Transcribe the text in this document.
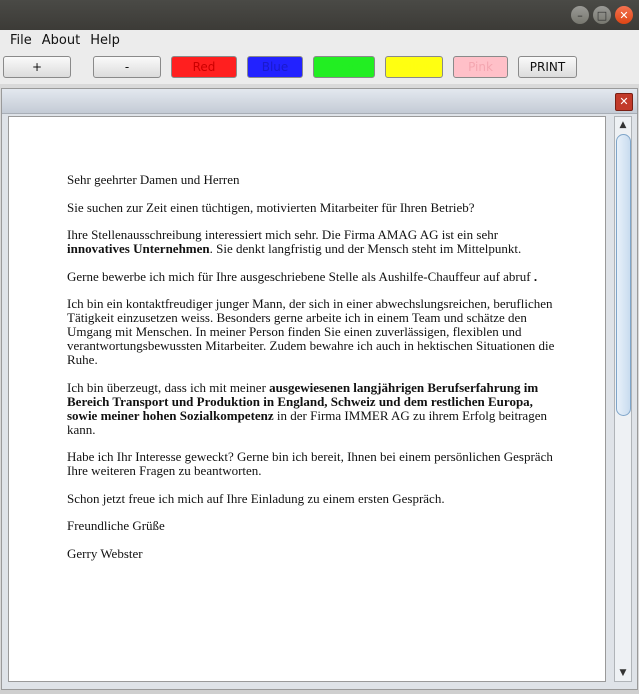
–	□	✕
File About Help
+	-	Red	Blue	Green	Yellow	Pink	PRINT
✕

Sehr geehrter Damen und Herren

Sie suchen zur Zeit einen tüchtigen, motivierten Mitarbeiter für Ihren Betrieb?

Ihre Stellenausschreibung interessiert mich sehr. Die Firma AMAG AG ist ein sehr innovatives Unternehmen. Sie denkt langfristig und der Mensch steht im Mittelpunkt.

Gerne bewerbe ich mich für Ihre ausgeschriebene Stelle als Aushilfe-Chauffeur auf abruf .

Ich bin ein kontaktfreudiger junger Mann, der sich in einer abwechslungsreichen, beruflichen Tätigkeit einzusetzen weiss. Besonders gerne arbeite ich in einem Team und schätze den Umgang mit Menschen. In meiner Person finden Sie einen zuverlässigen, flexiblen und verantwortungsbewussten Mitarbeiter. Zudem bewahre ich auch in hektischen Situationen die Ruhe.

Ich bin überzeugt, dass ich mit meiner ausgewiesenen langjährigen Berufserfahrung im Bereich Transport und Produktion in England, Schweiz und dem restlichen Europa, sowie meiner hohen Sozialkompetenz in der Firma IMMER AG zu ihrem Erfolg beitragen kann.

Habe ich Ihr Interesse geweckt? Gerne bin ich bereit, Ihnen bei einem persönlichen Gespräch Ihre weiteren Fragen zu beantworten.

Schon jetzt freue ich mich auf Ihre Einladung zu einem ersten Gespräch.

Freundliche Grüße

Gerry Webster

▲
▼
